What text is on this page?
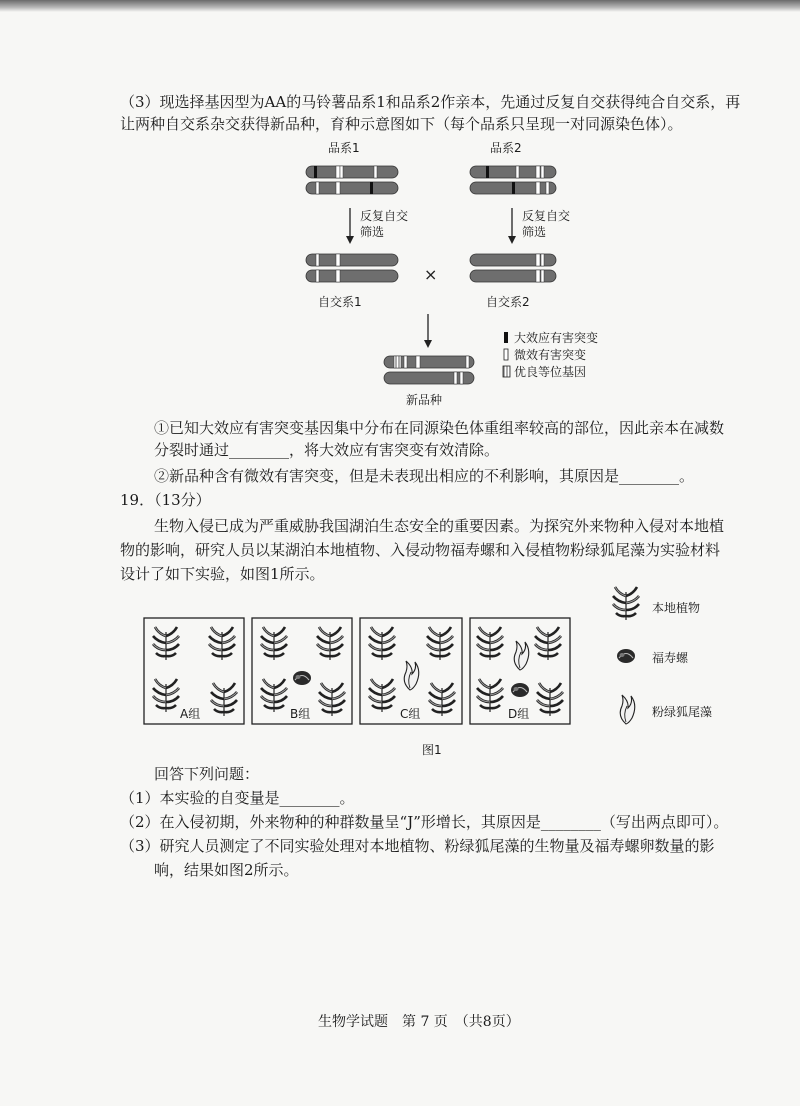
（3）现选择基因型为AA的马铃薯品系1和品系2作亲本，先通过反复自交获得纯合自交系，再
让两种自交系杂交获得新品种，育种示意图如下（每个品系只呈现一对同源染色体）。
品系1	品系2
反复自交
筛选
反复自交
筛选
×
自交系1	自交系2
新品种
大效应有害突变
微效有害突变
优良等位基因
①已知大效应有害突变基因集中分布在同源染色体重组率较高的部位，因此亲本在减数
分裂时通过________，将大效应有害突变有效清除。
②新品种含有微效有害突变，但是未表现出相应的不利影响，其原因是________。
19．（13分）
生物入侵已成为严重威胁我国湖泊生态安全的重要因素。为探究外来物种入侵对本地植
物的影响，研究人员以某湖泊本地植物、入侵动物福寿螺和入侵植物粉绿狐尾藻为实验材料
设计了如下实验，如图1所示。
A组	B组	C组	D组
本地植物
福寿螺
粉绿狐尾藻
图1
回答下列问题：
（1）本实验的自变量是________。
（2）在入侵初期，外来物种的种群数量呈“J”形增长，其原因是________（写出两点即可）。
（3）研究人员测定了不同实验处理对本地植物、粉绿狐尾藻的生物量及福寿螺卵数量的影
响，结果如图2所示。
生物学试题　第 7 页　（共8页）
